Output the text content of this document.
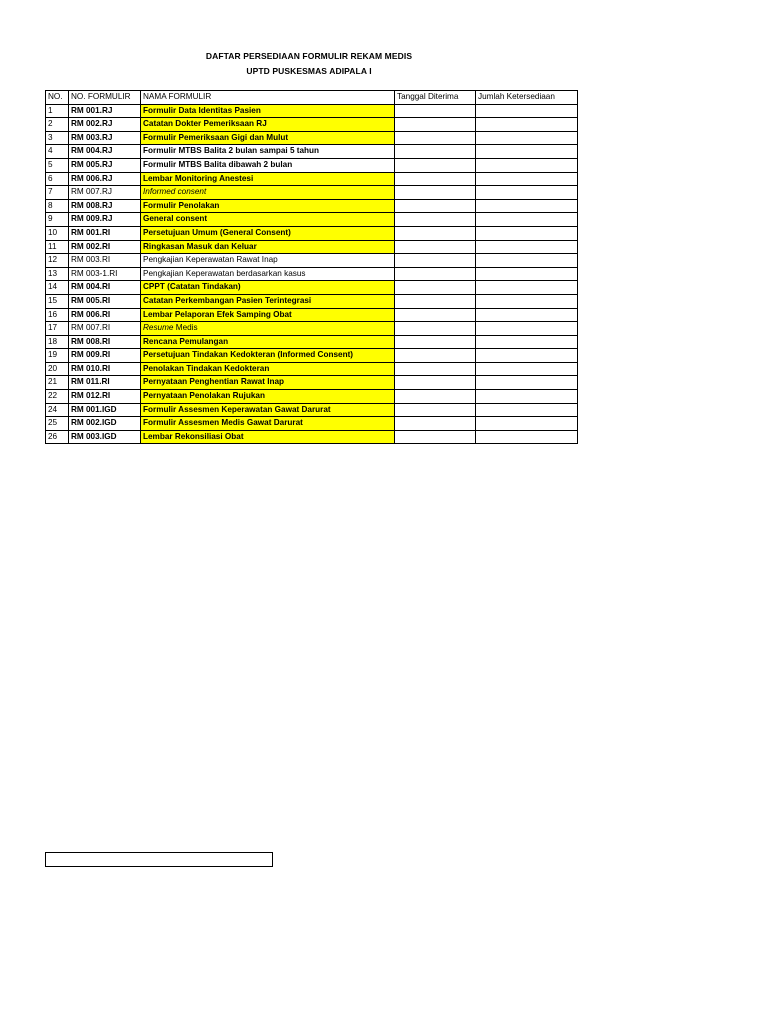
DAFTAR PERSEDIAAN FORMULIR REKAM MEDIS
UPTD PUSKESMAS ADIPALA I
NO.	NO. FORMULIR	NAMA FORMULIR	Tanggal Diterima	Jumlah Ketersediaan
1	RM 001.RJ	Formulir Data Identitas Pasien		
2	RM 002.RJ	Catatan Dokter Pemeriksaan RJ		
3	RM 003.RJ	Formulir Pemeriksaan Gigi dan Mulut		
4	RM 004.RJ	Formulir MTBS Balita 2 bulan sampai 5 tahun		
5	RM 005.RJ	Formulir MTBS Balita dibawah 2 bulan		
6	RM 006.RJ	Lembar Monitoring Anestesi		
7	RM 007.RJ	Informed consent		
8	RM 008.RJ	Formulir Penolakan		
9	RM 009.RJ	General consent		
10	RM 001.RI	Persetujuan Umum (General Consent)		
11	RM 002.RI	Ringkasan Masuk dan Keluar		
12	RM 003.RI	Pengkajian Keperawatan Rawat Inap		
13	RM 003-1.RI	Pengkajian Keperawatan berdasarkan kasus		
14	RM 004.RI	CPPT (Catatan Tindakan)		
15	RM 005.RI	Catatan Perkembangan Pasien Terintegrasi		
16	RM 006.RI	Lembar Pelaporan Efek Samping Obat		
17	RM 007.RI	Resume Medis		
18	RM 008.RI	Rencana Pemulangan		
19	RM 009.RI	Persetujuan Tindakan Kedokteran (Informed Consent)		
20	RM 010.RI	Penolakan Tindakan Kedokteran		
21	RM 011.RI	Pernyataan Penghentian Rawat Inap		
22	RM 012.RI	Pernyataan Penolakan Rujukan		
24	RM 001.IGD	Formulir Assesmen Keperawatan Gawat Darurat		
25	RM 002.IGD	Formulir Assesmen Medis Gawat Darurat		
26	RM 003.IGD	Lembar Rekonsiliasi Obat		
